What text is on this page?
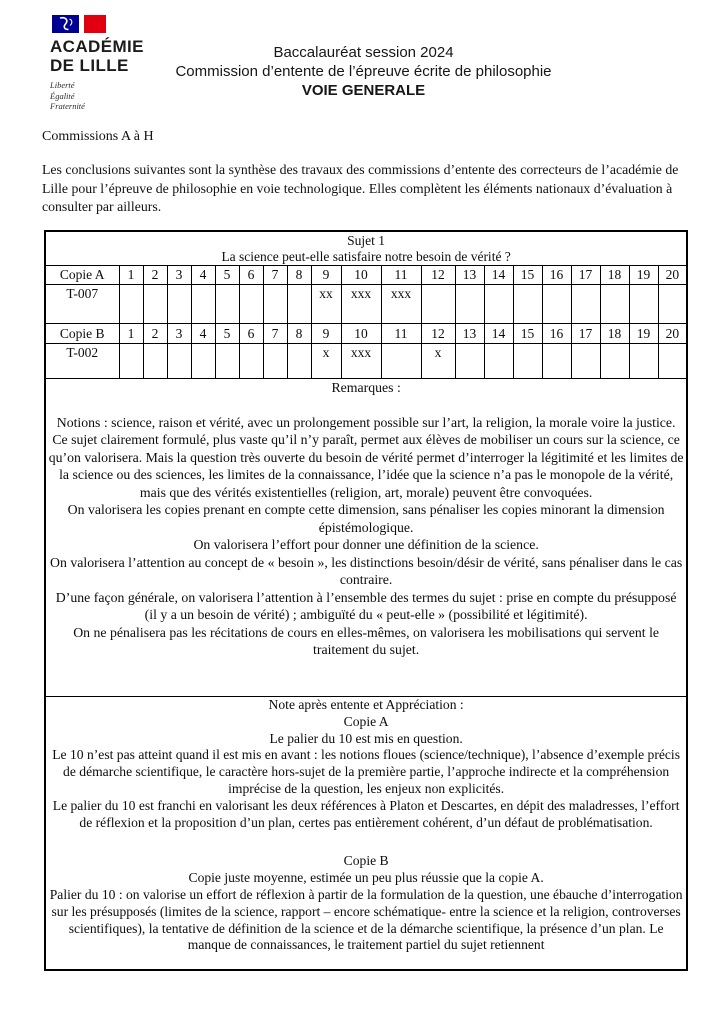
ACADÉMIE
DE LILLE
Liberté
Égalité
Fraternité
Baccalauréat session 2024
Commission d’entente de l’épreuve écrite de philosophie
VOIE GENERALE
Commissions A à H
Les conclusions suivantes sont la synthèse des travaux des commissions d’entente des correcteurs de l’académie de Lille pour l’épreuve de philosophie en voie technologique. Elles complètent les éléments nationaux d’évaluation à consulter par ailleurs.
Sujet 1																				
La science peut-elle satisfaire notre besoin de vérité ?																				
Copie A	1	2	3	4	5	6	7	8	9	10	11	12	13	14	15	16	17	18	19	20
T-007									xx	xxx	xxx									
Copie B	1	2	3	4	5	6	7	8	9	10	11	12	13	14	15	16	17	18	19	20
T-002									x	xxx		x								

Remarques :

Notions : science, raison et vérité, avec un prolongement possible sur l’art, la religion, la morale voire la justice.

Ce sujet clairement formulé, plus vaste qu’il n’y paraît, permet aux élèves de mobiliser un cours sur la science, ce qu’on valorisera. Mais la question très ouverte du besoin de vérité permet d’interroger la légitimité et les limites de la science ou des sciences, les limites de la connaissance, l’idée que la science n’a pas le monopole de la vérité, mais que des vérités existentielles (religion, art, morale) peuvent être convoquées.

On valorisera les copies prenant en compte cette dimension, sans pénaliser les copies minorant la dimension épistémologique.

On valorisera l’effort pour donner une définition de la science.

On valorisera l’attention au concept de « besoin », les distinctions besoin/désir de vérité, sans pénaliser dans le cas contraire.

D’une façon générale, on valorisera l’attention à l’ensemble des termes du sujet : prise en compte du présupposé (il y a un besoin de vérité) ; ambiguïté du « peut-elle » (possibilité et légitimité).

On ne pénalisera pas les récitations de cours en elles-mêmes, on valorisera les mobilisations qui servent le traitement du sujet.

Note après entente et Appréciation :

Copie A

Le palier du 10 est mis en question.

Le 10 n’est pas atteint quand il est mis en avant : les notions floues (science/technique), l’absence d’exemple précis de démarche scientifique, le caractère hors-sujet de la première partie, l’approche indirecte et la compréhension imprécise de la question, les enjeux non explicités.

Le palier du 10 est franchi en valorisant les deux références à Platon et Descartes, en dépit des maladresses, l’effort de réflexion et la proposition d’un plan, certes pas entièrement cohérent, d’un défaut de problématisation.

Copie B

Copie juste moyenne, estimée un peu plus réussie que la copie A.

Palier du 10 : on valorise un effort de réflexion à partir de la formulation de la question, une ébauche d’interrogation sur les présupposés (limites de la science, rapport – encore schématique- entre la science et la religion, controverses scientifiques), la tentative de définition de la science et de la démarche scientifique, la présence d’un plan. Le manque de connaissances, le traitement partiel du sujet retiennent
